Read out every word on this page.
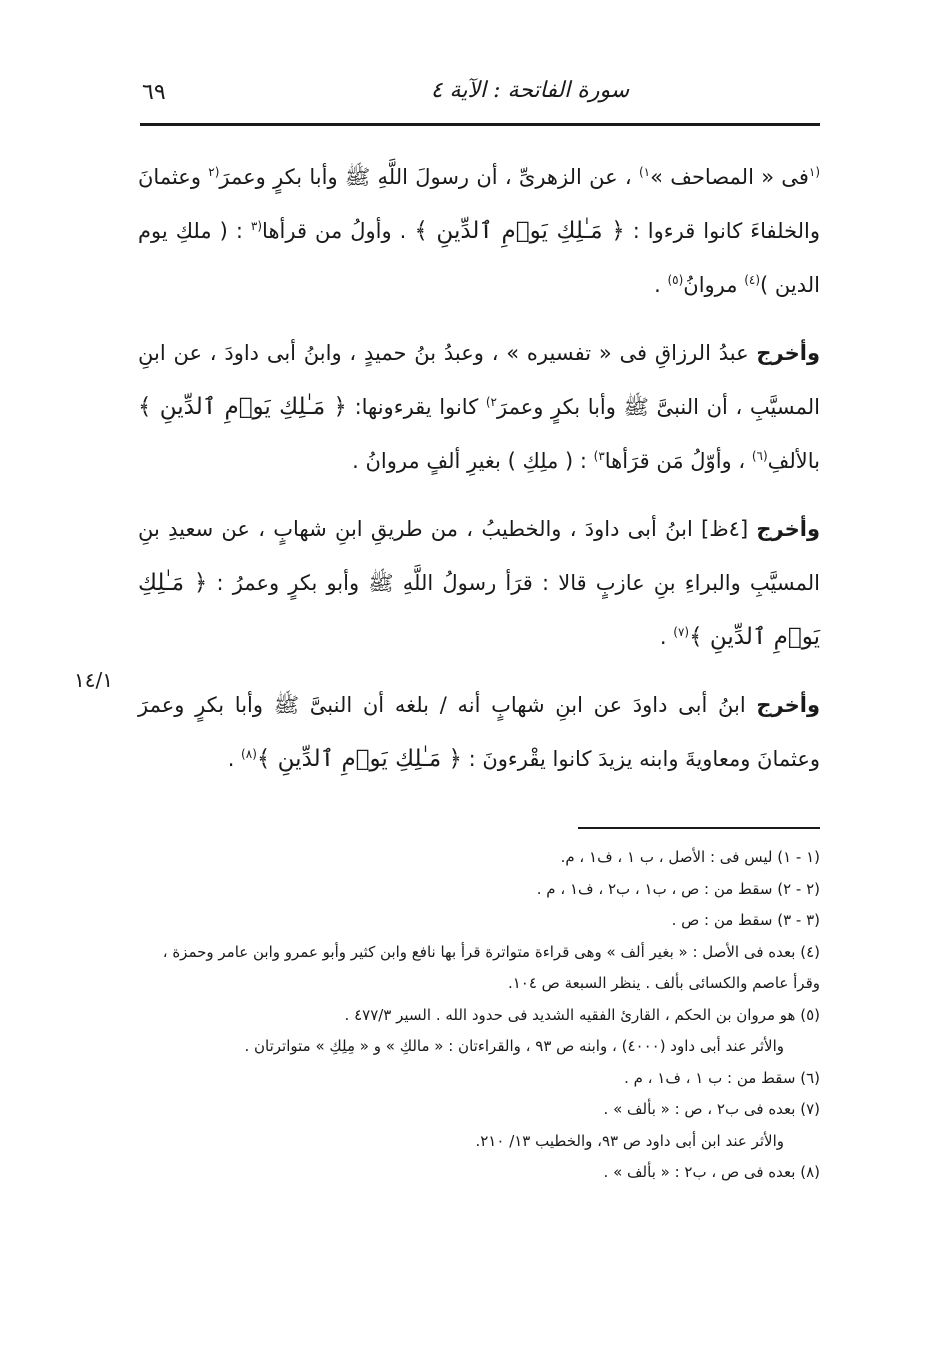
٦٩	سورة الفاتحة : الآية ٤
١٤/١

$^{(١}$فى « المصاحف »$^{١)}$ ، عن الزهرىِّ ، أن رسولَ اللَّهِ ﷺ وأبا بكرٍ وعمرَ$^{(٢}$ وعثمانَ والخلفاءَ كانوا قرءوا : ﴿ مَـٰلِكِ يَوۡمِ ٱلدِّينِ ﴾ . وأولُ من قرأها$^{(٣}$ : ( ملكِ يوم الدين )$^{(٤)}$ مروانُ$^{(٥)}$ .

وأخرج عبدُ الرزاقِ فى « تفسيره » ، وعبدُ بنُ حميدٍ ، وابنُ أبى داودَ ، عن ابنِ المسيَّبِ ، أن النبىَّ ﷺ وأبا بكرٍ وعمرَ$^{٢)}$ كانوا يقرءونها: ﴿ مَـٰلِكِ يَوۡمِ ٱلدِّينِ ﴾ بالألفِ$^{(٦)}$ ، وأوّلُ مَن قرَأها$^{٣)}$ : ( ملِكِ ) بغيرِ ألفٍ مروانُ .

وأخرج [٤ظ] ابنُ أبى داودَ ، والخطيبُ ، من طريقِ ابنِ شهابٍ ، عن سعيدِ بنِ المسيَّبِ والبراءِ بنِ عازبٍ قالا : قرَأ رسولُ اللَّهِ ﷺ وأبو بكرٍ وعمرُ : ﴿ مَـٰلِكِ يَوۡمِ ٱلدِّينِ ﴾$^{(٧)}$ .

وأخرج ابنُ أبى داودَ عن ابنِ شهابٍ أنه / بلغه أن النبىَّ ﷺ وأبا بكرٍ وعمرَ وعثمانَ ومعاويةَ وابنه يزيدَ كانوا يقْرءونَ : ﴿ مَـٰلِكِ يَوۡمِ ٱلدِّينِ ﴾$^{(٨)}$ .

(١ - ١) ليس فى : الأصل ، ب ١ ، ف١ ، م.
(٢ - ٢) سقط من : ص ، ب١ ، ب٢ ، ف١ ، م .
(٣ - ٣) سقط من : ص .
(٤) بعده فى الأصل : « بغير ألف » وهى قراءة متواترة قرأ بها نافع وابن كثير وأبو عمرو وابن عامر وحمزة ،
وقرأ عاصم والكسائى بألف . ينظر السبعة ص ١٠٤.
(٥) هو مروان بن الحكم ، القارئ الفقيه الشديد فى حدود الله . السير ٤٧٧/٣ .
والأثر عند أبى داود (٤٠٠٠) ، وابنه ص ٩٣ ، والقراءتان : « مالكِ » و « مِلِكِ » متواترتان .
(٦) سقط من : ب ١ ، ف١ ، م .
(٧) بعده فى ب٢ ، ص : « بألف » .
والأثر عند ابن أبى داود ص ٩٣، والخطيب ١٣/ ٢١٠.
(٨) بعده فى ص ، ب٢ : « بألف » .
